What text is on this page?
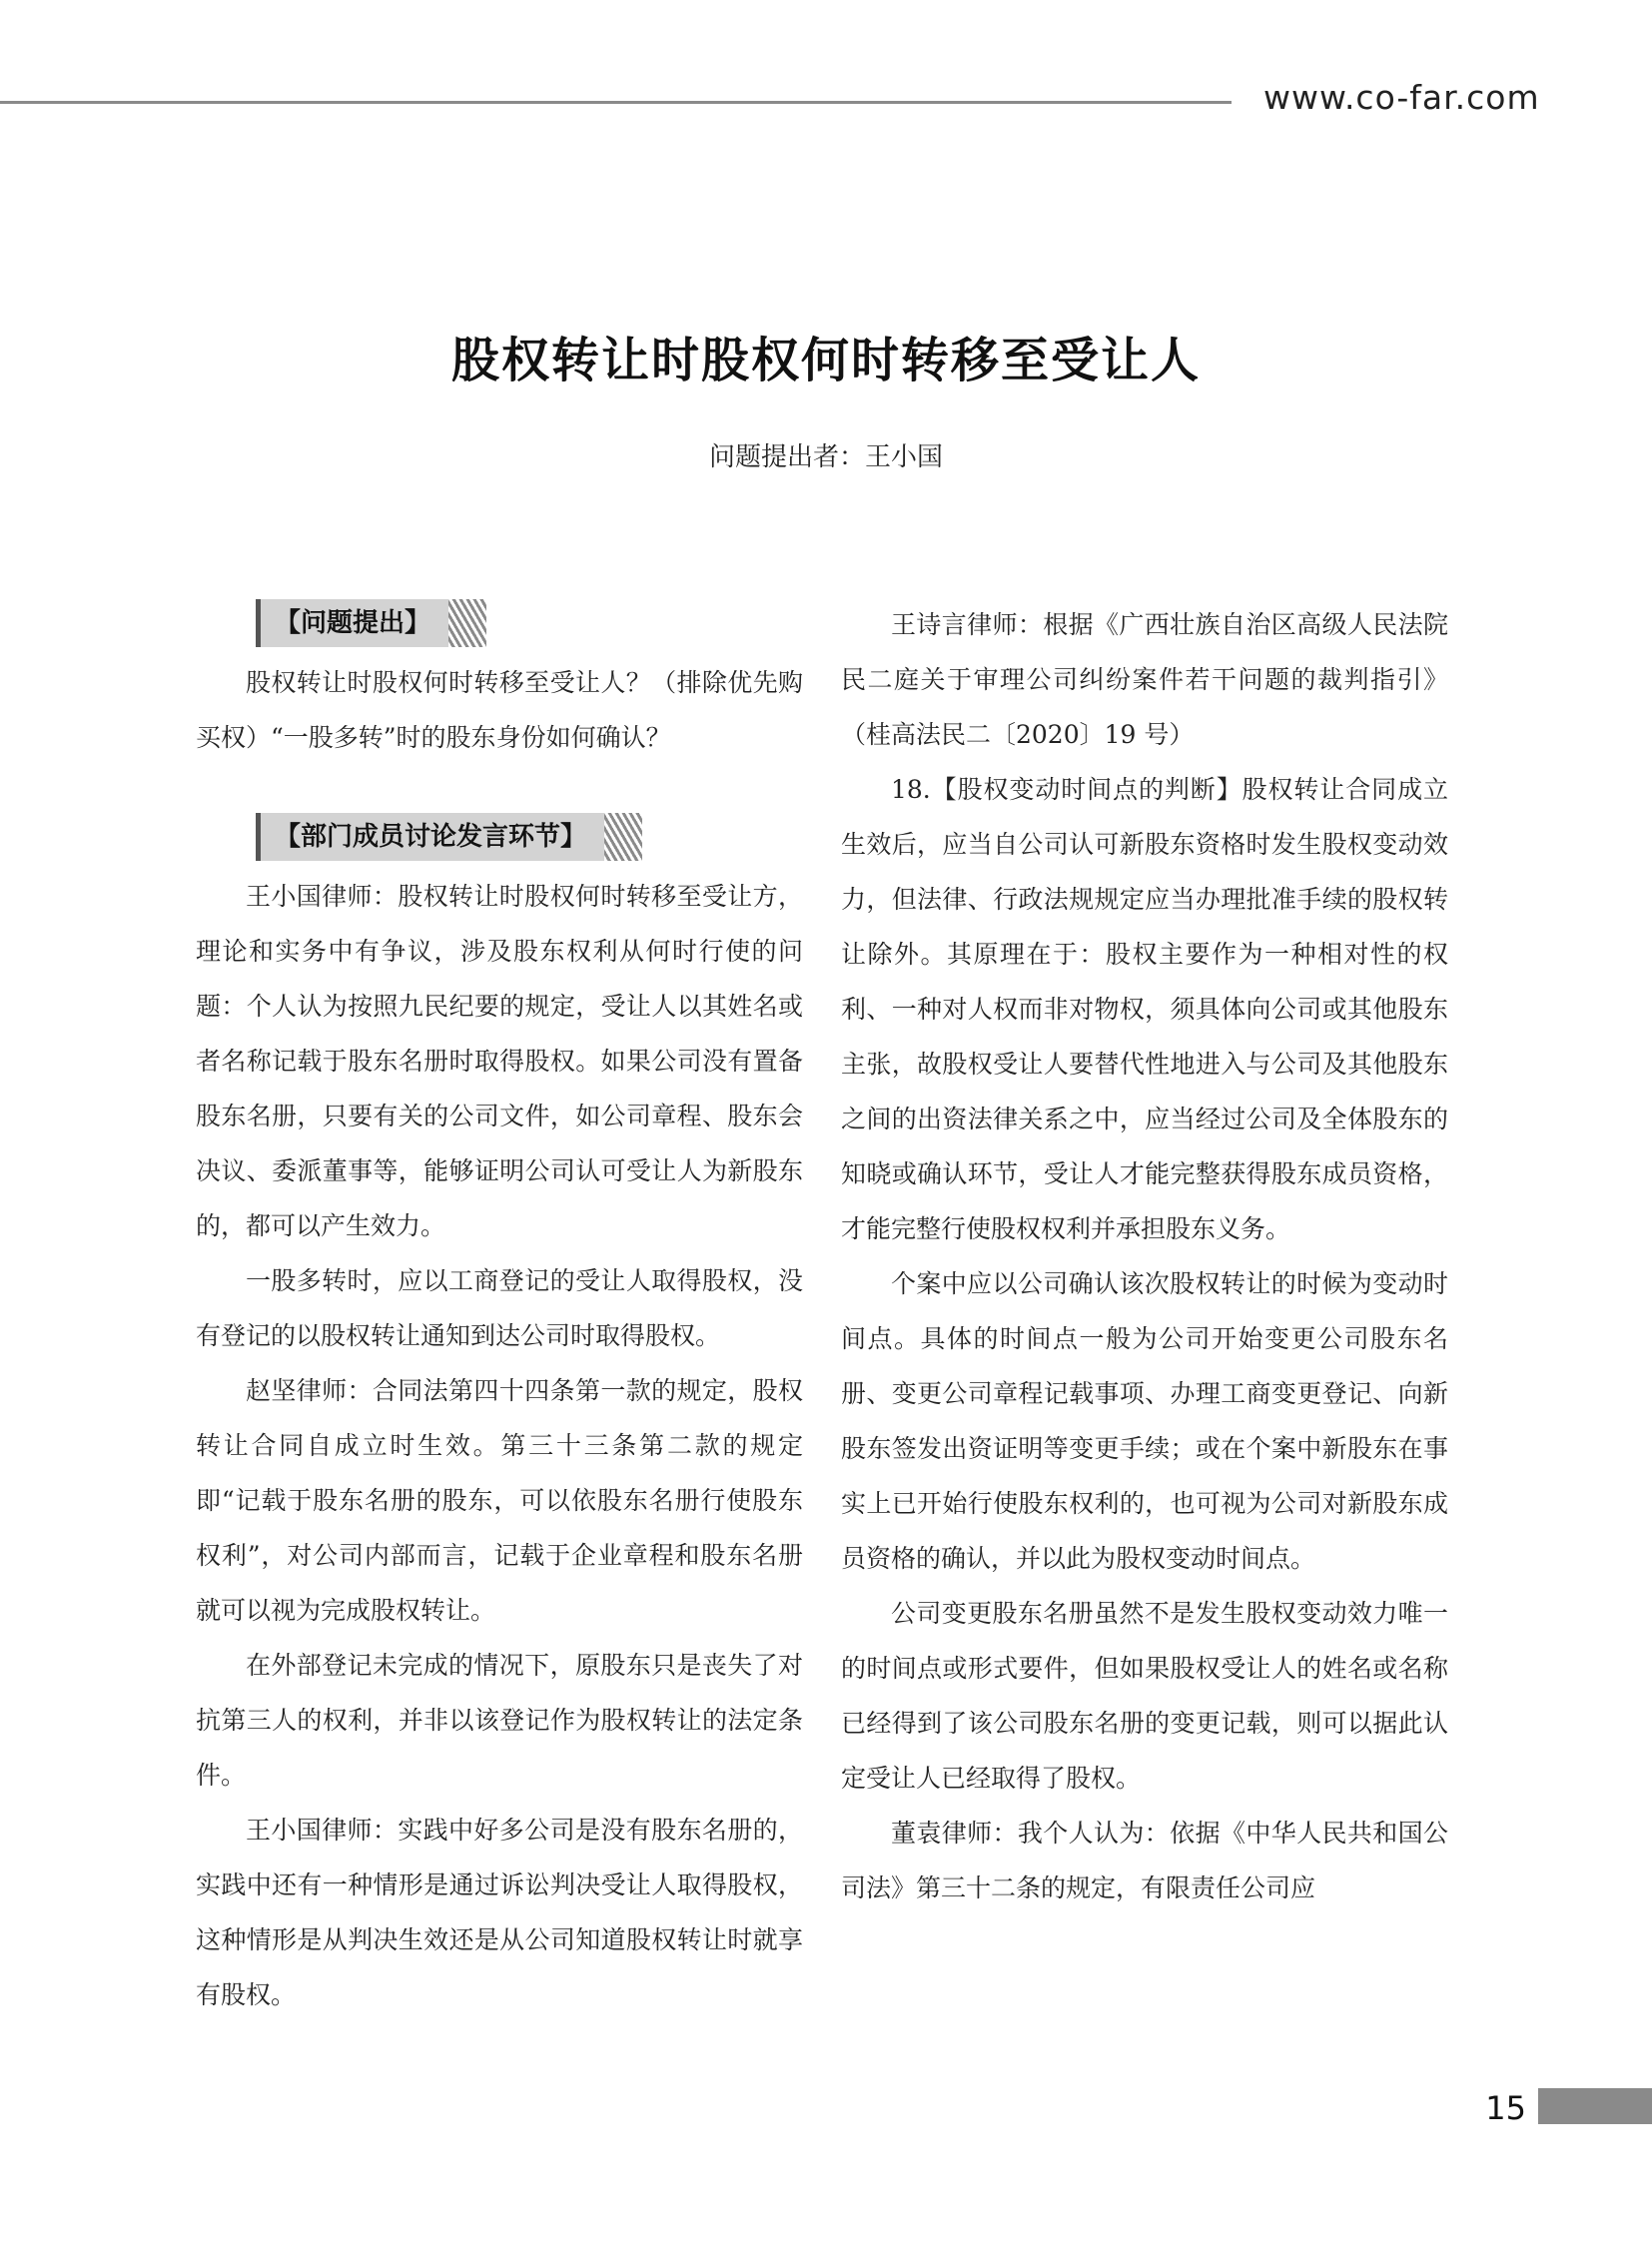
www.co-far.com
股权转让时股权何时转移至受让人
问题提出者：王小国
【问题提出】

股权转让时股权何时转移至受让人？（排除优先购买权）“一股多转”时的股东身份如何确认？

【部门成员讨论发言环节】

王小国律师：股权转让时股权何时转移至受让方，理论和实务中有争议，涉及股东权利从何时行使的问题：个人认为按照九民纪要的规定，受让人以其姓名或者名称记载于股东名册时取得股权。如果公司没有置备股东名册，只要有关的公司文件，如公司章程、股东会决议、委派董事等，能够证明公司认可受让人为新股东的，都可以产生效力。

一股多转时，应以工商登记的受让人取得股权，没有登记的以股权转让通知到达公司时取得股权。

赵坚律师：合同法第四十四条第一款的规定，股权转让合同自成立时生效。第三十三条第二款的规定即“记载于股东名册的股东，可以依股东名册行使股东权利”，对公司内部而言，记载于企业章程和股东名册就可以视为完成股权转让。

在外部登记未完成的情况下，原股东只是丧失了对抗第三人的权利，并非以该登记作为股权转让的法定条件。

王小国律师：实践中好多公司是没有股东名册的，实践中还有一种情形是通过诉讼判决受让人取得股权，这种情形是从判决生效还是从公司知道股权转让时就享有股权。

王诗言律师：根据《广西壮族自治区高级人民法院民二庭关于审理公司纠纷案件若干问题的裁判指引》（桂高法民二〔2020〕19 号）

18.【股权变动时间点的判断】股权转让合同成立生效后，应当自公司认可新股东资格时发生股权变动效力，但法律、行政法规规定应当办理批准手续的股权转让除外。其原理在于：股权主要作为一种相对性的权利、一种对人权而非对物权，须具体向公司或其他股东主张，故股权受让人要替代性地进入与公司及其他股东之间的出资法律关系之中，应当经过公司及全体股东的知晓或确认环节，受让人才能完整获得股东成员资格，才能完整行使股权权利并承担股东义务。

个案中应以公司确认该次股权转让的时候为变动时间点。具体的时间点一般为公司开始变更公司股东名册、变更公司章程记载事项、办理工商变更登记、向新股东签发出资证明等变更手续；或在个案中新股东在事实上已开始行使股东权利的，也可视为公司对新股东成员资格的确认，并以此为股权变动时间点。

公司变更股东名册虽然不是发生股权变动效力唯一的时间点或形式要件，但如果股权受让人的姓名或名称已经得到了该公司股东名册的变更记载，则可以据此认定受让人已经取得了股权。

董袁律师：我个人认为：依据《中华人民共和国公司法》第三十二条的规定，有限责任公司应

15
